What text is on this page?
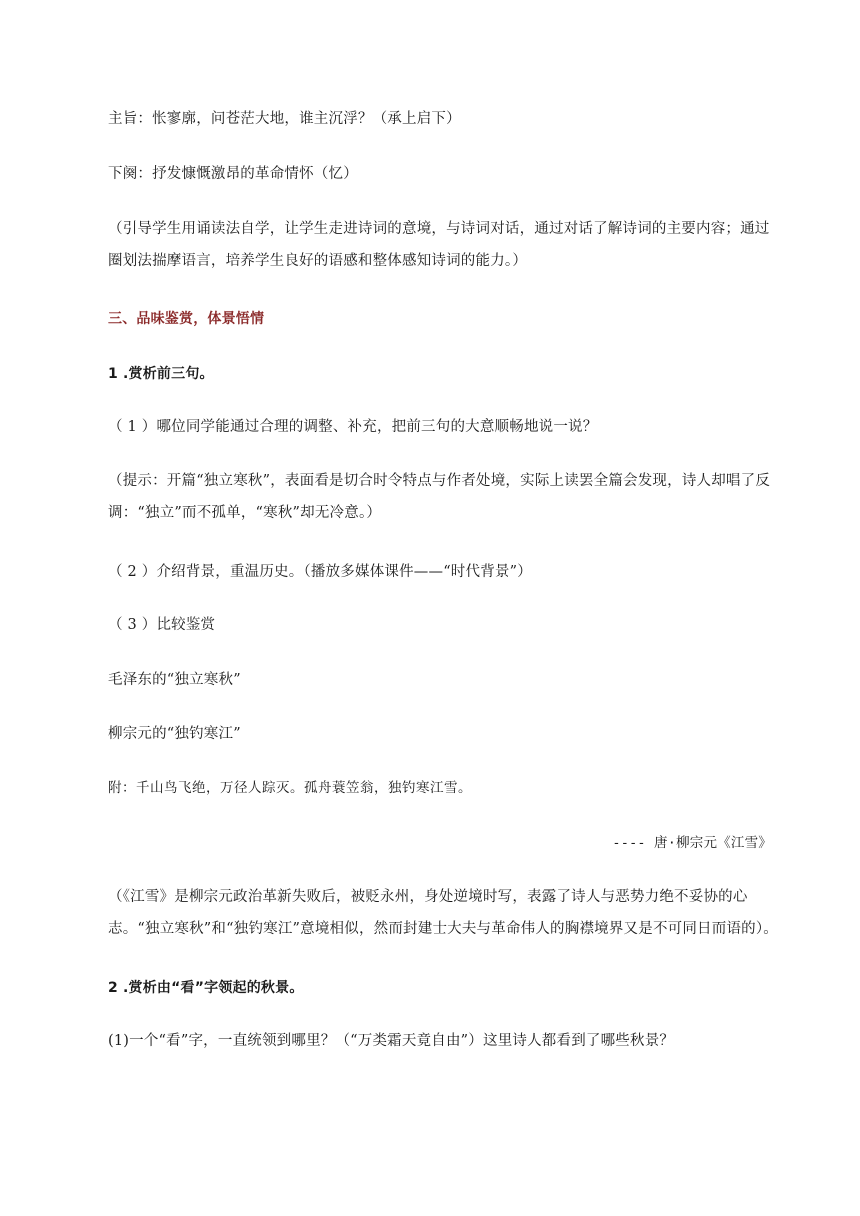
主旨：怅寥廓，问苍茫大地，谁主沉浮？（承上启下）
下阕：抒发慷慨激昂的革命情怀（忆）
（引导学生用诵读法自学，让学生走进诗词的意境，与诗词对话，通过对话了解诗词的主要内容；通过圈划法揣摩语言，培养学生良好的语感和整体感知诗词的能力。）
三、品味鉴赏，体景悟情
1 .赏析前三句。
（ 1 ）哪位同学能通过合理的调整、补充，把前三句的大意顺畅地说一说？
（提示：开篇“独立寒秋”，表面看是切合时令特点与作者处境，实际上读罢全篇会发现，诗人却唱了反调：“独立”而不孤单，“寒秋”却无冷意。）
（ 2 ）介绍背景，重温历史。（播放多媒体课件——“时代背景”）
（ 3 ）比较鉴赏
毛泽东的“独立寒秋”
柳宗元的“独钓寒江”
附：千山鸟飞绝，万径人踪灭。孤舟蓑笠翁，独钓寒江雪。
---- 唐·柳宗元《江雪》
（《江雪》是柳宗元政治革新失败后，被贬永州，身处逆境时写，表露了诗人与恶势力绝不妥协的心志。“独立寒秋”和“独钓寒江”意境相似，然而封建士大夫与革命伟人的胸襟境界又是不可同日而语的）。
2 .赏析由“看”字领起的秋景。
(1)一个“看”字，一直统领到哪里？（“万类霜天竟自由”）这里诗人都看到了哪些秋景？
